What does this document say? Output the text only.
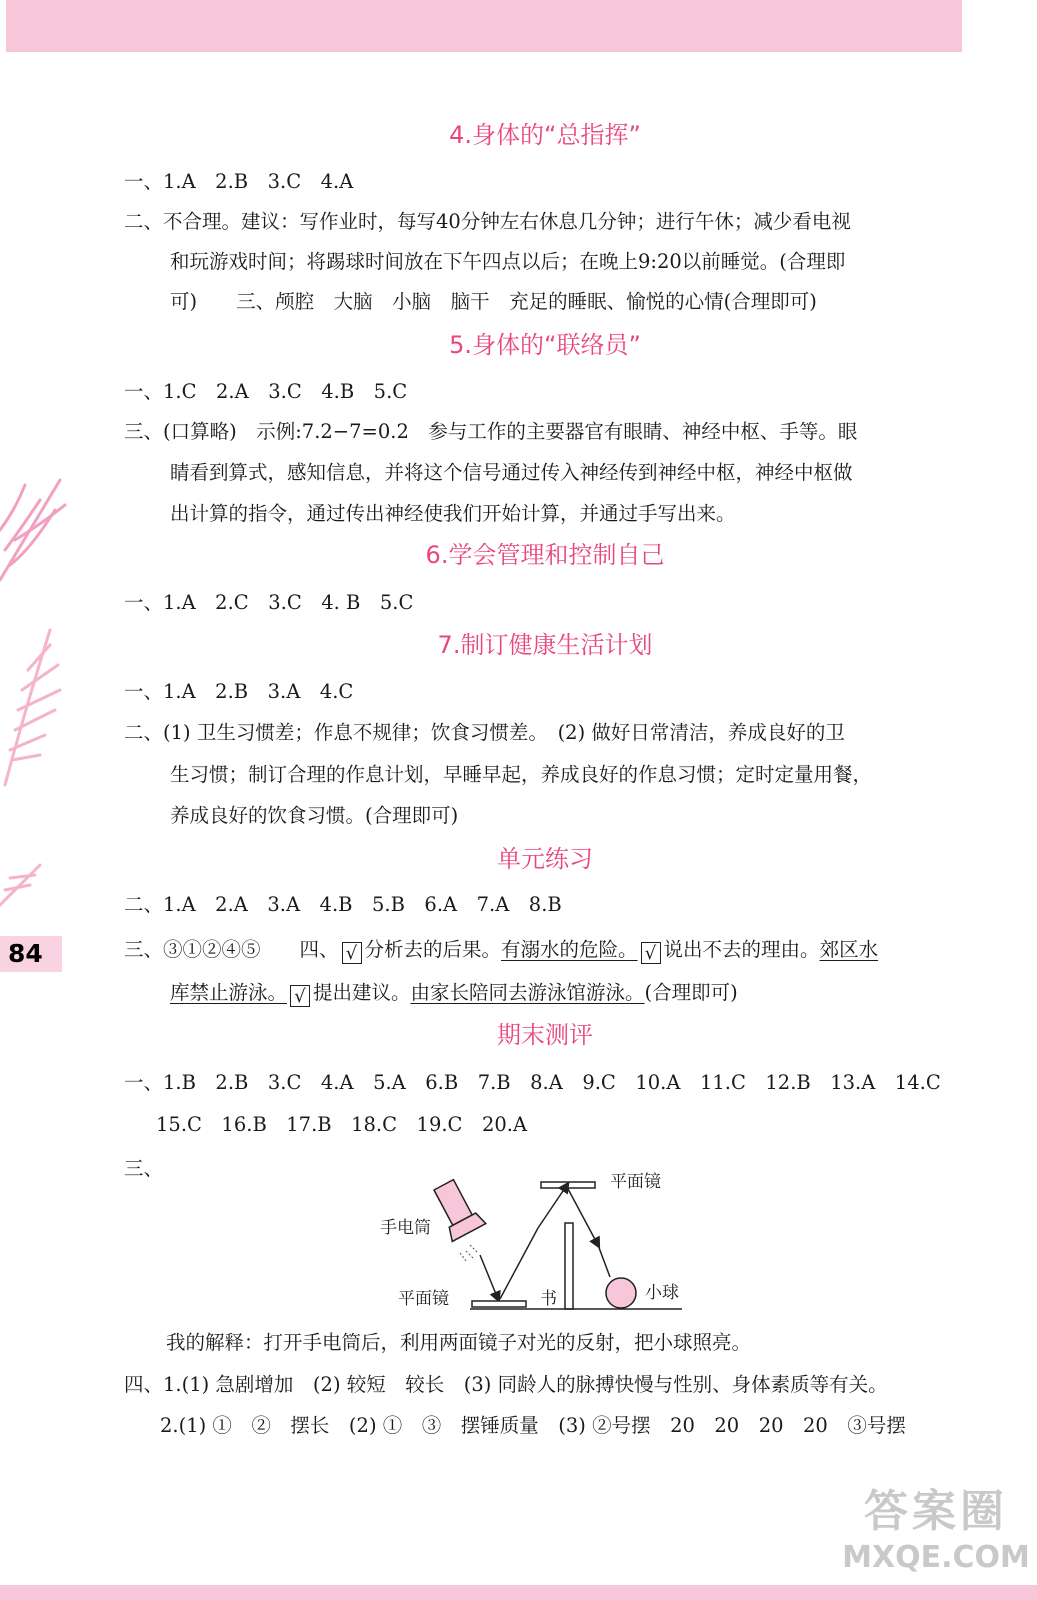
84
4.身体的“总指挥”
一、1.A　2.B　3.C　4.A
二、不合理。建议：写作业时，每写40分钟左右休息几分钟；进行午休；减少看电视
和玩游戏时间；将踢球时间放在下午四点以后；在晚上9:20以前睡觉。(合理即
可)　　三、颅腔　大脑　小脑　脑干　充足的睡眠、愉悦的心情(合理即可)
5.身体的“联络员”
一、1.C　2.A　3.C　4.B　5.C
三、(口算略)　示例:7.2−7=0.2　参与工作的主要器官有眼睛、神经中枢、手等。眼
睛看到算式，感知信息，并将这个信号通过传入神经传到神经中枢，神经中枢做
出计算的指令，通过传出神经使我们开始计算，并通过手写出来。
6.学会管理和控制自己
一、1.A　2.C　3.C　4. B　5.C
7.制订健康生活计划
一、1.A　2.B　3.A　4.C
二、(1) 卫生习惯差；作息不规律；饮食习惯差。　(2) 做好日常清洁，养成良好的卫
生习惯；制订合理的作息计划，早睡早起，养成良好的作息习惯；定时定量用餐，
养成良好的饮食习惯。(合理即可)
单元练习
二、1.A　2.A　3.A　4.B　5.B　6.A　7.A　8.B
三、③①②④⑤　　四、 √ 分析去的后果。有溺水的危险。 √ 说出不去的理由。郊区水
库禁止游泳。 √ 提出建议。由家长陪同去游泳馆游泳。(合理即可)
期末测评
一、1.B　2.B　3.C　4.A　5.A　6.B　7.B　8.A　9.C　10.A　11.C　12.B　13.A　14.C
15.C　16.B　17.B　18.C　19.C　20.A
三、
平面镜
手电筒
书
平面镜	小球
我的解释：打开手电筒后，利用两面镜子对光的反射，把小球照亮。
四、1.(1) 急剧增加　(2) 较短　较长　(3) 同龄人的脉搏快慢与性别、身体素质等有关。
2.(1) ①　②　摆长　(2) ①　③　摆锤质量　(3) ②号摆　20　20　20　20　③号摆
答案圈
MXQE.COM
